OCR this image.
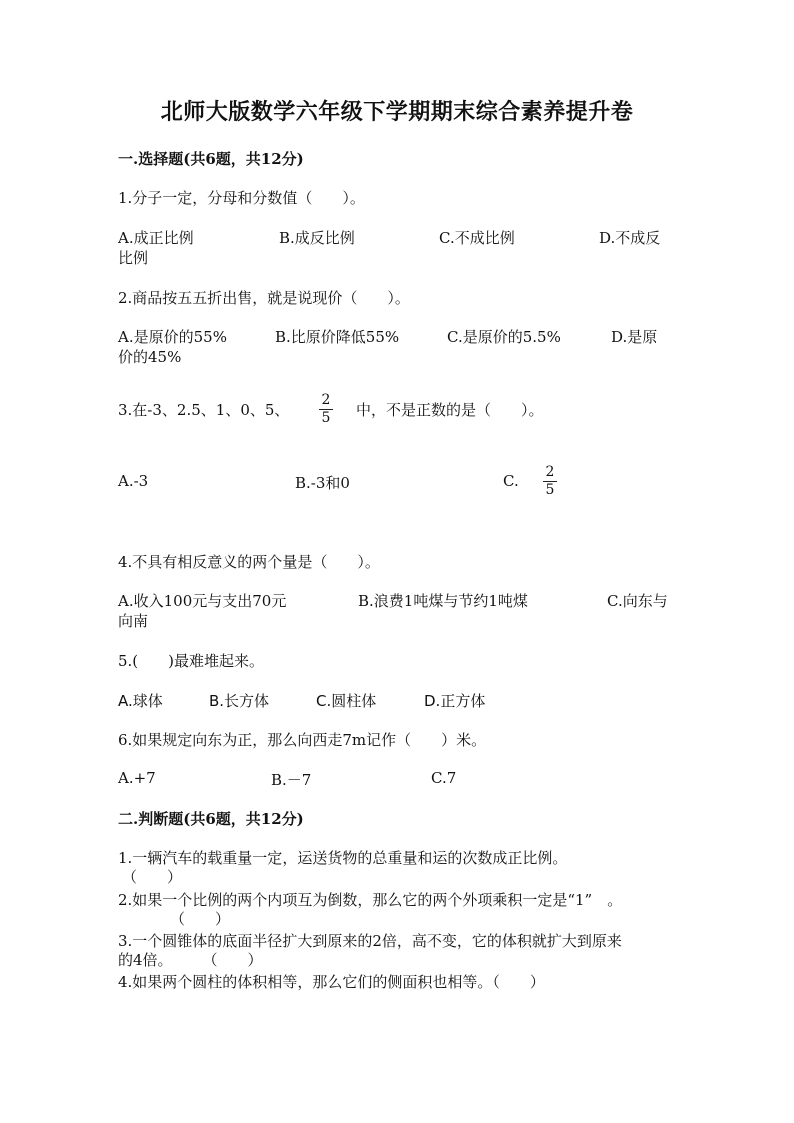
北师大版数学六年级下学期期末综合素养提升卷
一.选择题(共6题，共12分)
1.分子一定，分母和分数值（　　）。
A.成正比例	B.成反比例	C.不成比例	D.不成反
比例
2.商品按五五折出售，就是说现价（　　）。
A.是原价的55%	B.比原价降低55%	C.是原价的5.5%	D.是原
价的45%
3.在-3、2.5、1、0、5、
2
5 中，不是正数的是（　　）。
A.-3	B.-3和0	C. 2
5
4.不具有相反意义的两个量是（　　）。
A.收入100元与支出70元	B.浪费1吨煤与节约1吨煤	C.向东与
向南
5.(　　)最难堆起来。
A.球体	B.长方体	C.圆柱体	D.正方体
6.如果规定向东为正，那么向西走7m记作（　　）米。
A.+7	B.－7	C.7
二.判断题(共6题，共12分)
1.一辆汽车的载重量一定，运送货物的总重量和运的次数成正比例。
（　　）
2.如果一个比例的两个内项互为倒数，那么它的两个外项乘积一定是“1”　。
（　　）
3.一个圆锥体的底面半径扩大到原来的2倍，高不变，它的体积就扩大到原来
的4倍。　　　（　　）
4.如果两个圆柱的体积相等，那么它们的侧面积也相等。（　　）
